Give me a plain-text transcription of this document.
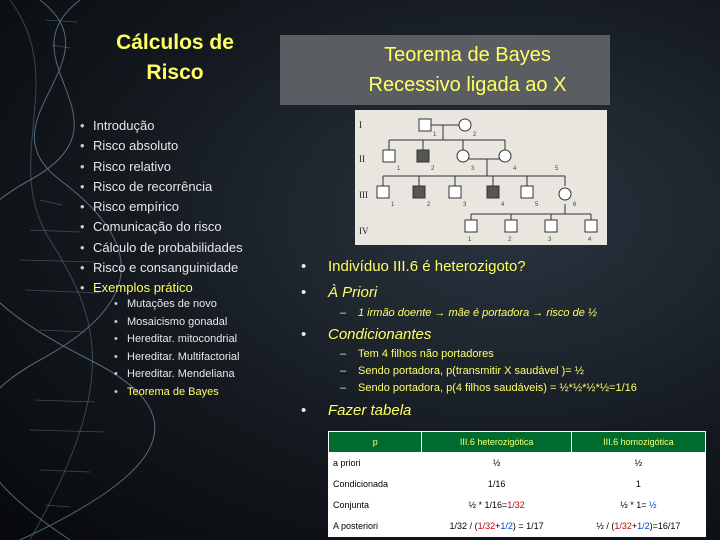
Cálculos de Risco
Teorema de Bayes
Recessivo ligada ao X
• Introdução
• Risco absoluto
• Risco relativo
• Risco de recorrência
• Risco empírico
• Comunicação do risco
• Cálculo de probabilidades
• Risco e consanguinidade
• Exemplos prático
• Mutações de novo
• Mosaicismo gonadal
• Hereditar. mitocondrial
• Hereditar. Multifactorial
• Hereditar. Mendeliana
• Teorema de Bayes
I
II
III
IV
1	2
1	2	3	4	5
1	2	3	4	5	6
1	2	3	4
• Indivíduo III.6 é heterozigoto?
• À Priori
– 1 irmão doente → mãe é portadora → risco de ½
• Condicionantes
– Tem 4 filhos não portadores
– Sendo portadora, p(transmitir X saudável )= ½
– Sendo portadora, p(4 filhos saudáveis) = ½*½*½*½=1/16
• Fazer tabela
p	III.6 heterozigótica	III.6 homozigótica
a priori	½	½
Condicionada	1/16	1
Conjunta	½ * 1/16=1/32	½ * 1= ½
A posteriori	1/32 / (1/32+1/2) = 1/17	½ / (1/32+1/2)=16/17
